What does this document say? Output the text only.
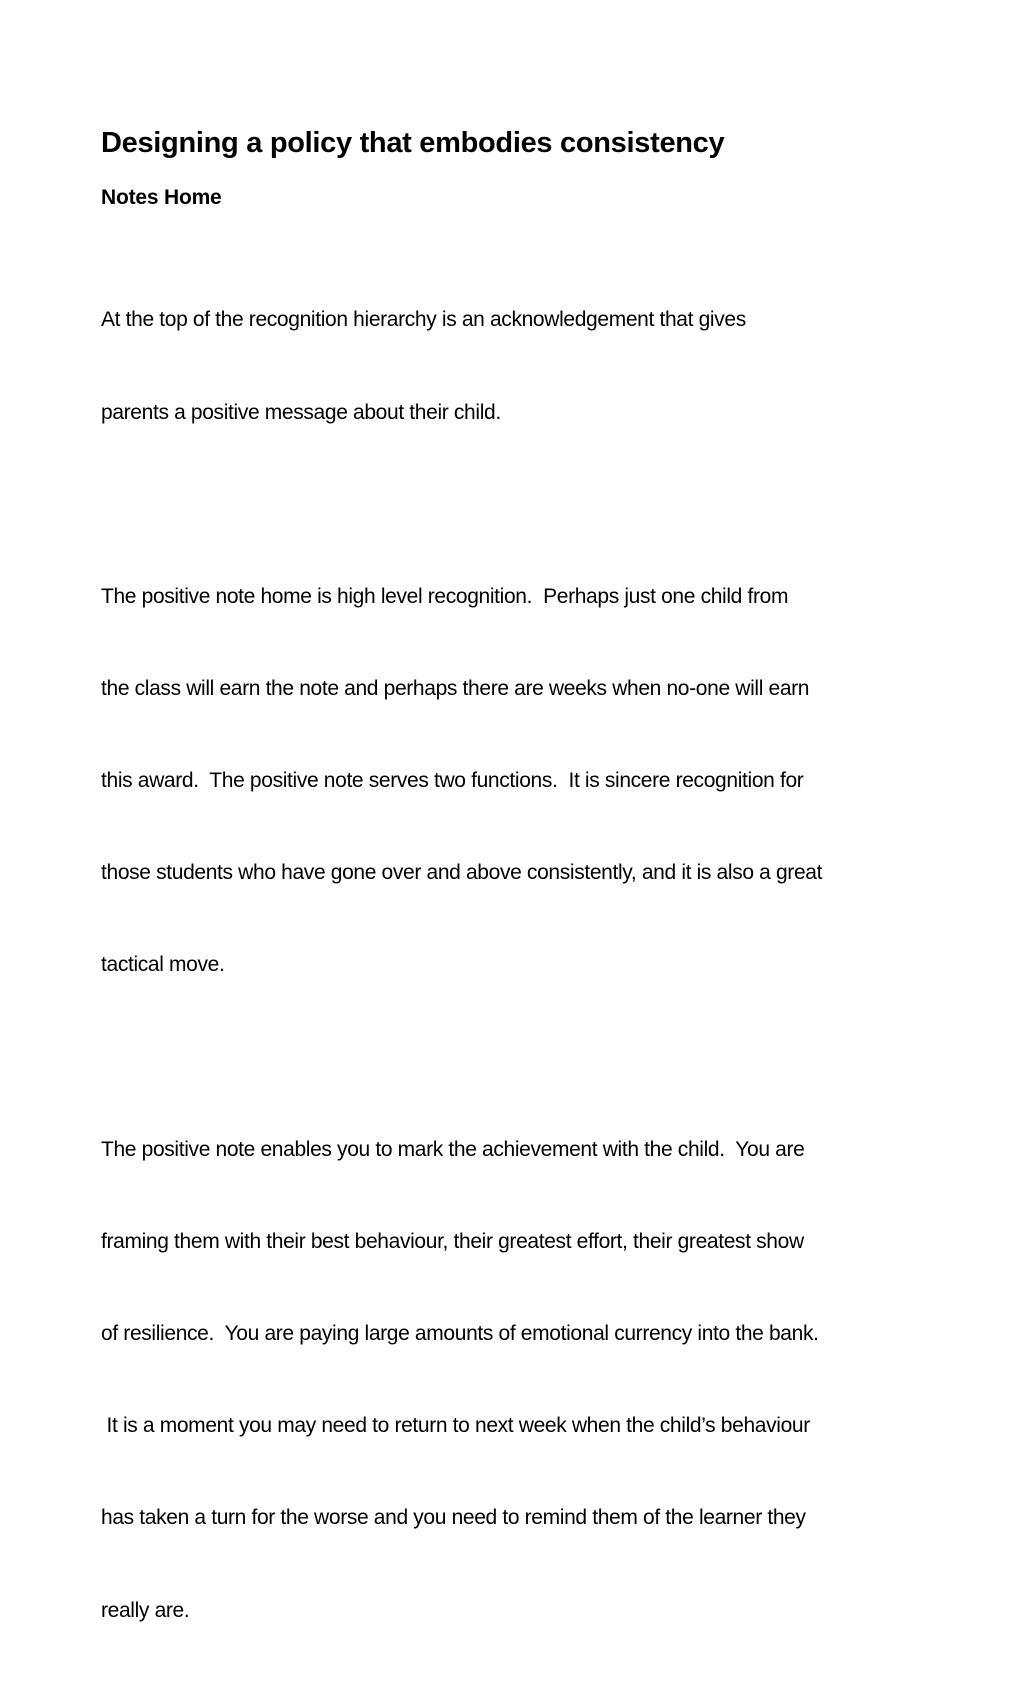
Designing a policy that embodies consistency
Notes Home

At the top of the recognition hierarchy is an acknowledgement that gives

parents a positive message about their child.

The positive note home is high level recognition.  Perhaps just one child from

the class will earn the note and perhaps there are weeks when no-one will earn

this award.  The positive note serves two functions.  It is sincere recognition for

those students who have gone over and above consistently, and it is also a great

tactical move.

The positive note enables you to mark the achievement with the child.  You are

framing them with their best behaviour, their greatest effort, their greatest show

of resilience.  You are paying large amounts of emotional currency into the bank.

It is a moment you may need to return to next week when the child’s behaviour

has taken a turn for the worse and you need to remind them of the learner they

really are.
